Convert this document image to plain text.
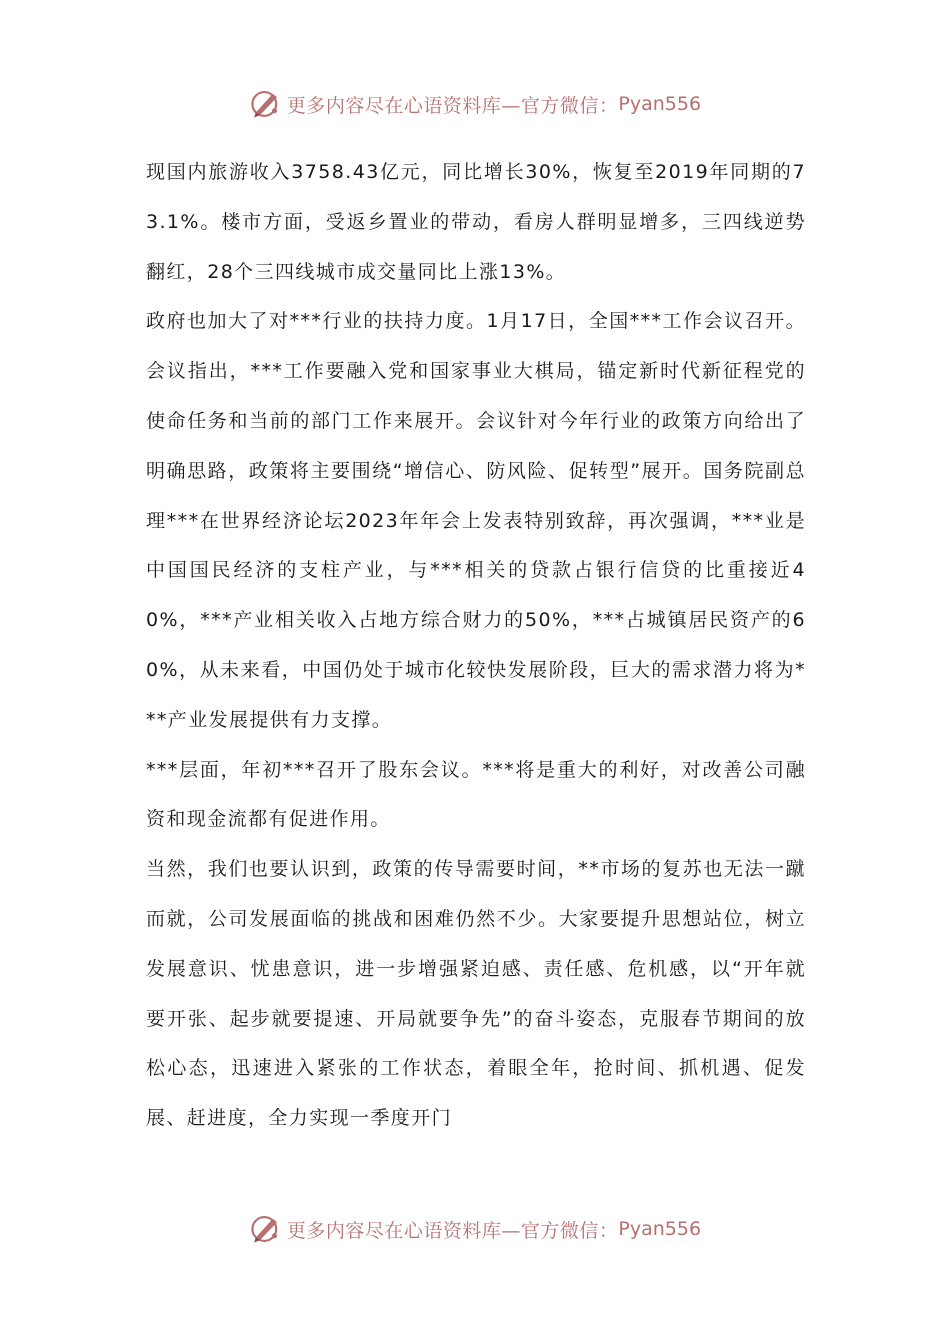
更多内容尽在心语资料库—官方微信： Pyan556

现国内旅游收入3758.43亿元，同比增长30%，恢复至2019年同期的73.1%。楼市方面，受返乡置业的带动，看房人群明显增多，三四线逆势翻红，28个三四线城市成交量同比上涨13%。

政府也加大了对***行业的扶持力度。1月17日，全国***工作会议召开。会议指出，***工作要融入党和国家事业大棋局，锚定新时代新征程党的使命任务和当前的部门工作来展开。会议针对今年行业的政策方向给出了明确思路，政策将主要围绕“增信心、防风险、促转型”展开。国务院副总理***在世界经济论坛2023年年会上发表特别致辞，再次强调，***业是中国国民经济的支柱产业，与***相关的贷款占银行信贷的比重接近40%，***产业相关收入占地方综合财力的50%，***占城镇居民资产的60%，从未来看，中国仍处于城市化较快发展阶段，巨大的需求潜力将为***产业发展提供有力支撑。

***层面，年初***召开了股东会议。***将是重大的利好，对改善公司融资和现金流都有促进作用。

当然，我们也要认识到，政策的传导需要时间，**市场的复苏也无法一蹴而就，公司发展面临的挑战和困难仍然不少。大家要提升思想站位，树立发展意识、忧患意识，进一步增强紧迫感、责任感、危机感，以“开年就要开张、起步就要提速、开局就要争先”的奋斗姿态，克服春节期间的放松心态，迅速进入紧张的工作状态，着眼全年，抢时间、抓机遇、促发展、赶进度，全力实现一季度开门

更多内容尽在心语资料库—官方微信： Pyan556
